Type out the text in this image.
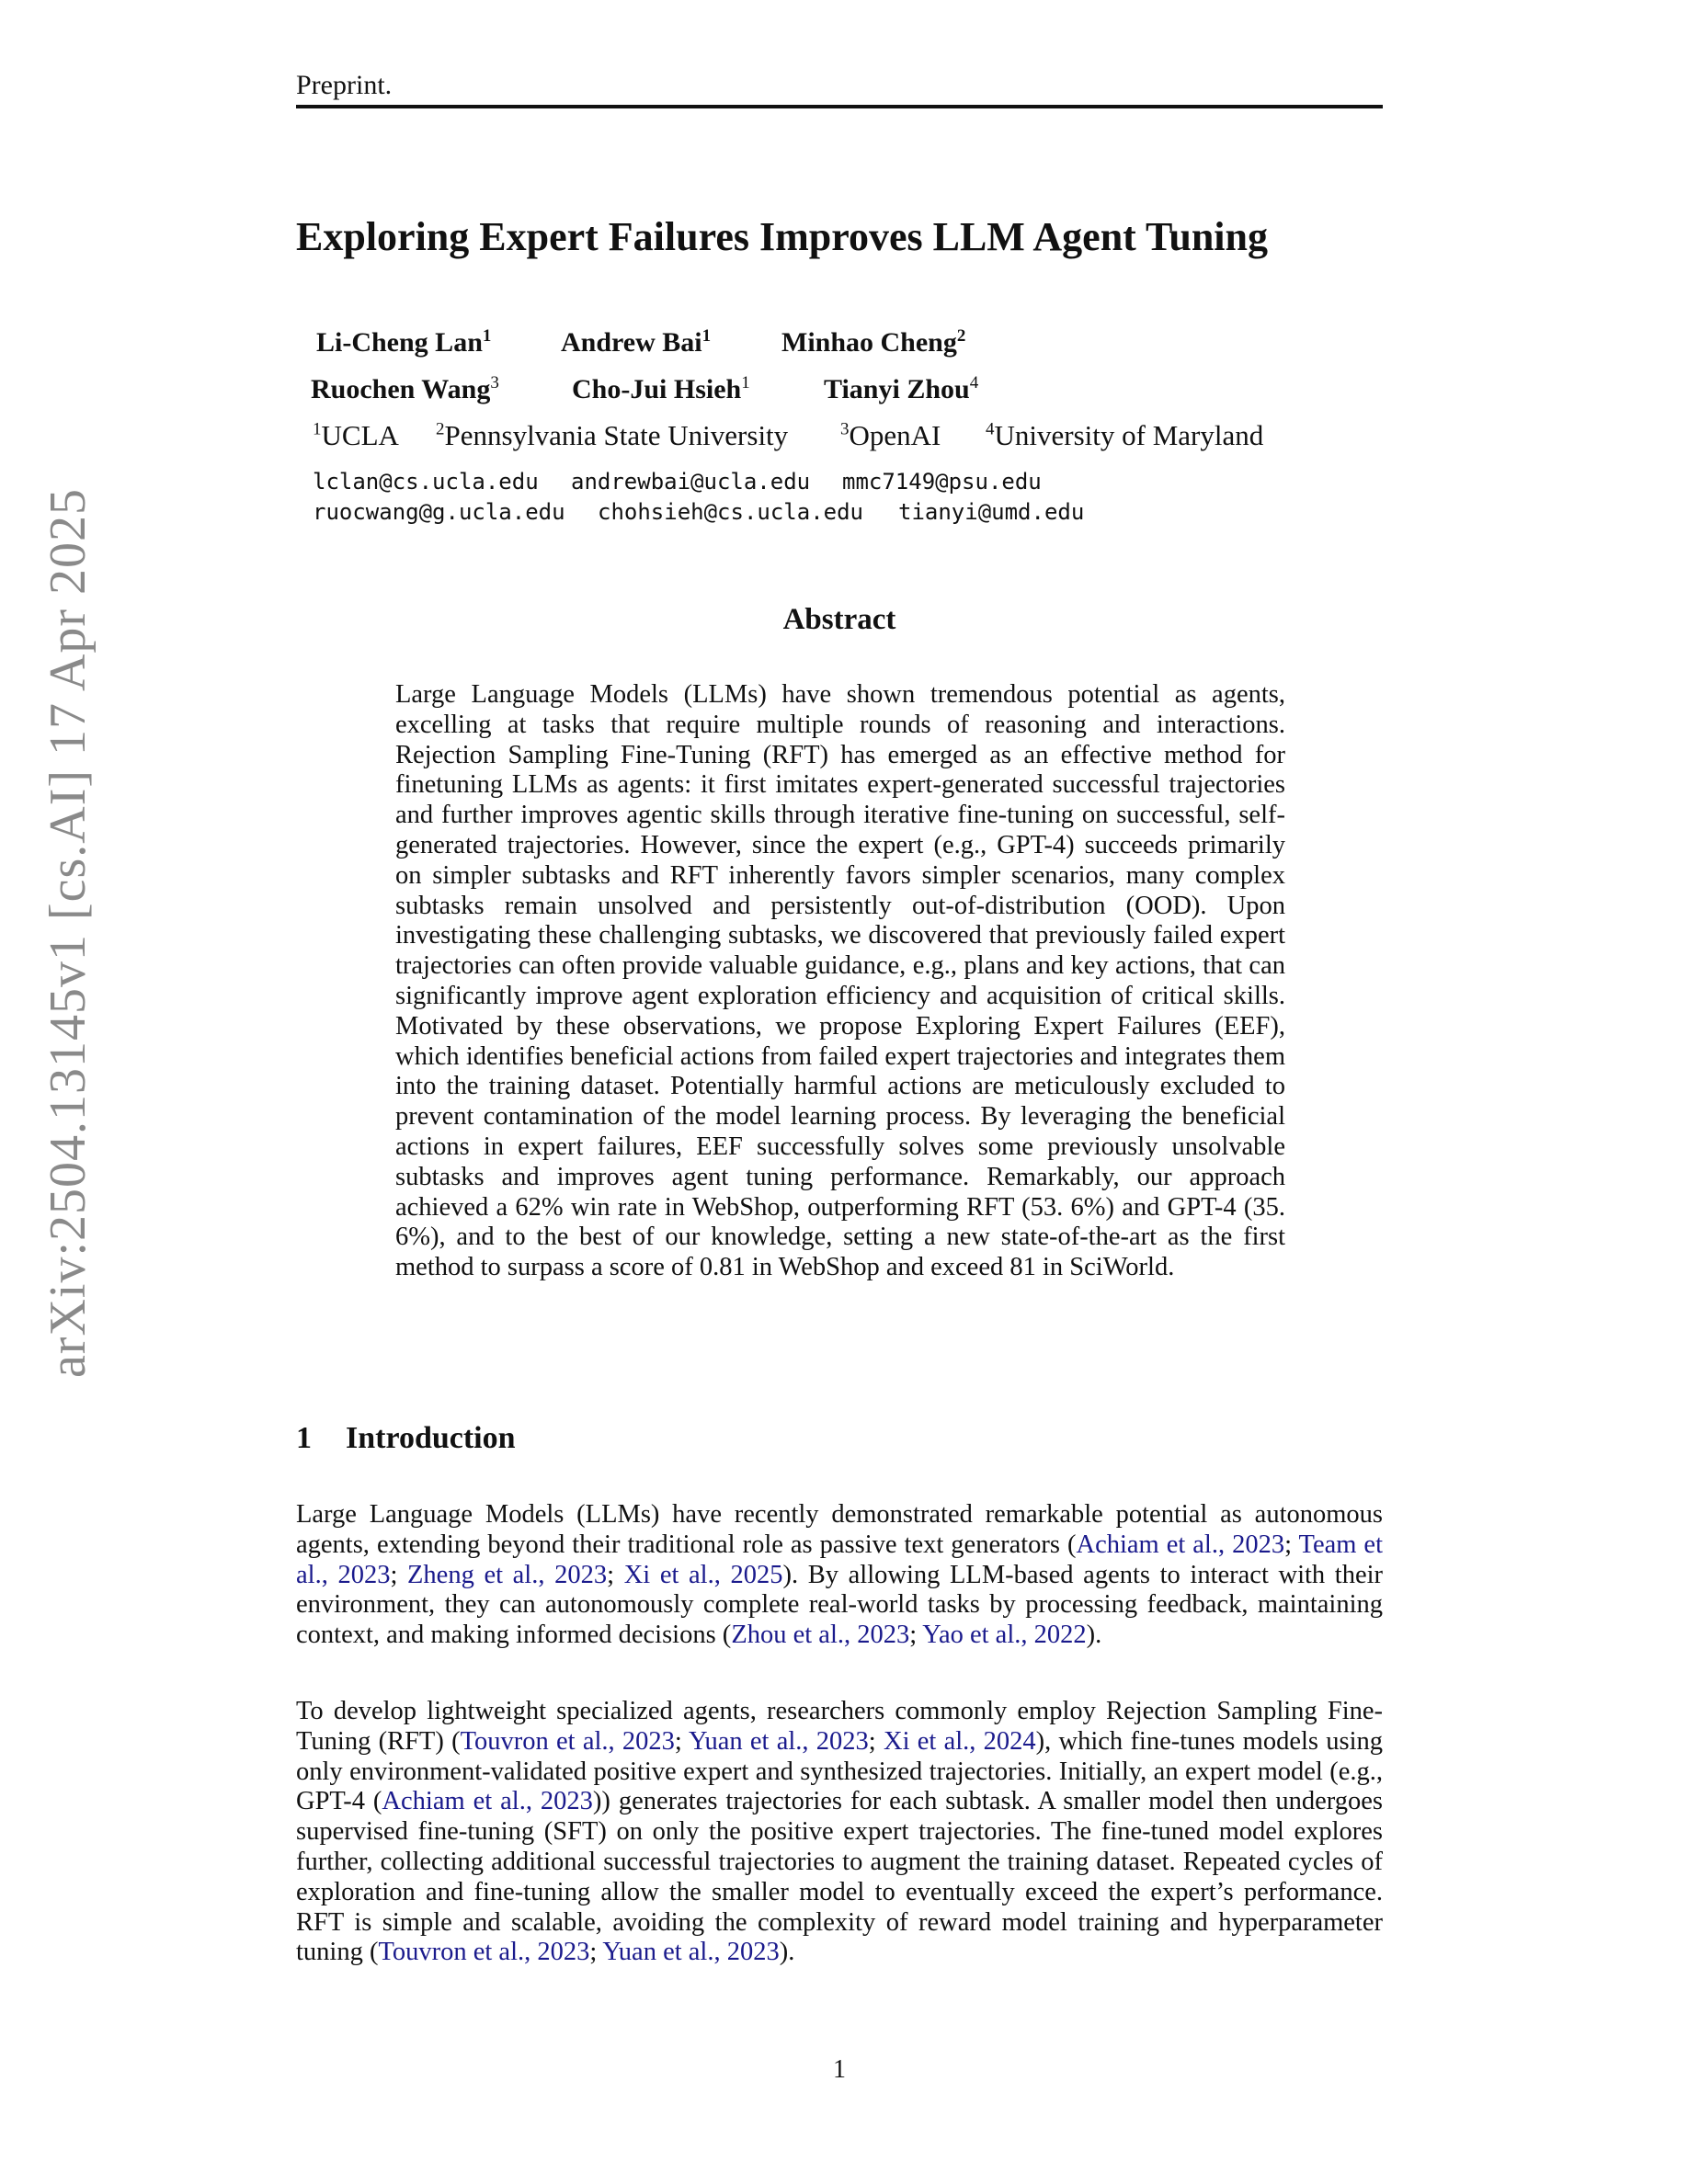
Preprint.
arXiv:2504.13145v1 [cs.AI] 17 Apr 2025
Exploring Expert Failures Improves LLM Agent Tuning
Li-Cheng Lan$^1$	Andrew Bai$^1$	Minhao Cheng$^2$
Ruochen Wang$^3$	Cho-Jui Hsieh$^1$	Tianyi Zhou$^4$
$^1$UCLA	$^2$Pennsylvania State University	$^3$OpenAI	$^4$University of Maryland
lclan@cs.ucla.edu	andrewbai@ucla.edu	mmc7149@psu.edu
ruocwang@g.ucla.edu	chohsieh@cs.ucla.edu	tianyi@umd.edu
Abstract

Large Language Models (LLMs) have shown tremendous potential as agents, excelling at tasks that require multiple rounds of reasoning and interactions. Rejection Sampling Fine-Tuning (RFT) has emerged as an effective method for finetuning LLMs as agents: it first imitates expert-generated successful trajectories and further improves agentic skills through iterative fine-tuning on successful, self-generated trajectories. However, since the expert (e.g., GPT-4) succeeds primarily on simpler subtasks and RFT inherently favors simpler scenarios, many complex subtasks remain unsolved and persistently out-of-distribution (OOD). Upon investigating these challenging subtasks, we discovered that previously failed expert trajectories can often provide valuable guidance, e.g., plans and key actions, that can significantly improve agent exploration efficiency and acquisition of critical skills. Motivated by these observations, we propose Exploring Expert Failures (EEF), which identifies beneficial actions from failed expert trajectories and integrates them into the training dataset. Potentially harmful actions are meticulously excluded to prevent contamination of the model learning process. By leveraging the beneficial actions in expert failures, EEF successfully solves some previously unsolvable subtasks and improves agent tuning performance. Remarkably, our approach achieved a 62% win rate in WebShop, outperforming RFT (53. 6%) and GPT-4 (35. 6%), and to the best of our knowledge, setting a new state-of-the-art as the first method to surpass a score of 0.81 in WebShop and exceed 81 in SciWorld.

1 Introduction

Large Language Models (LLMs) have recently demonstrated remarkable potential as autonomous agents, extending beyond their traditional role as passive text generators (Achiam et al., 2023; Team et al., 2023; Zheng et al., 2023; Xi et al., 2025). By allowing LLM-based agents to interact with their environment, they can autonomously complete real-world tasks by processing feedback, maintaining context, and making informed decisions (Zhou et al., 2023; Yao et al., 2022).

To develop lightweight specialized agents, researchers commonly employ Rejection Sampling Fine-Tuning (RFT) (Touvron et al., 2023; Yuan et al., 2023; Xi et al., 2024), which fine-tunes models using only environment-validated positive expert and synthesized trajectories. Initially, an expert model (e.g., GPT-4 (Achiam et al., 2023)) generates trajectories for each subtask. A smaller model then undergoes supervised fine-tuning (SFT) on only the positive expert trajectories. The fine-tuned model explores further, collecting additional successful trajectories to augment the training dataset. Repeated cycles of exploration and fine-tuning allow the smaller model to eventually exceed the expert’s performance. RFT is simple and scalable, avoiding the complexity of reward model training and hyperparameter tuning (Touvron et al., 2023; Yuan et al., 2023).

1
